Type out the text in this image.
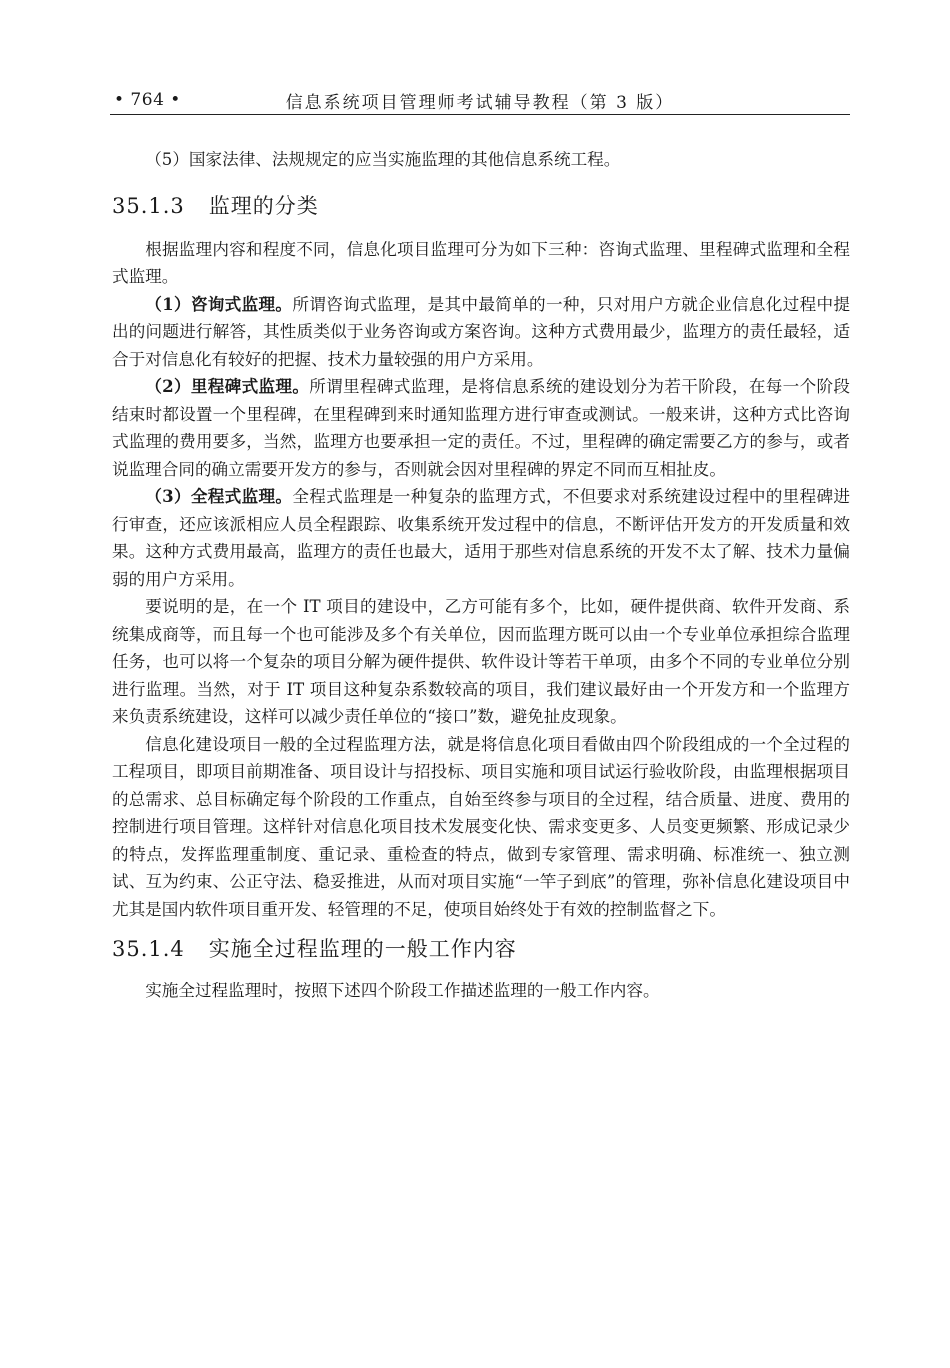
• 764 •	信息系统项目管理师考试辅导教程（第 3 版）

（5）国家法律、法规规定的应当实施监理的其他信息系统工程。

35.1.3 监理的分类

根据监理内容和程度不同，信息化项目监理可分为如下三种：咨询式监理、里程碑式监理和全程式监理。

（1）咨询式监理。所谓咨询式监理，是其中最简单的一种，只对用户方就企业信息化过程中提出的问题进行解答，其性质类似于业务咨询或方案咨询。这种方式费用最少，监理方的责任最轻，适合于对信息化有较好的把握、技术力量较强的用户方采用。

（2）里程碑式监理。所谓里程碑式监理，是将信息系统的建设划分为若干阶段，在每一个阶段结束时都设置一个里程碑，在里程碑到来时通知监理方进行审查或测试。一般来讲，这种方式比咨询式监理的费用要多，当然，监理方也要承担一定的责任。不过，里程碑的确定需要乙方的参与，或者说监理合同的确立需要开发方的参与，否则就会因对里程碑的界定不同而互相扯皮。

（3）全程式监理。全程式监理是一种复杂的监理方式，不但要求对系统建设过程中的里程碑进行审查，还应该派相应人员全程跟踪、收集系统开发过程中的信息，不断评估开发方的开发质量和效果。这种方式费用最高，监理方的责任也最大，适用于那些对信息系统的开发不太了解、技术力量偏弱的用户方采用。

要说明的是，在一个 IT 项目的建设中，乙方可能有多个，比如，硬件提供商、软件开发商、系统集成商等，而且每一个也可能涉及多个有关单位，因而监理方既可以由一个专业单位承担综合监理任务，也可以将一个复杂的项目分解为硬件提供、软件设计等若干单项，由多个不同的专业单位分别进行监理。当然，对于 IT 项目这种复杂系数较高的项目，我们建议最好由一个开发方和一个监理方来负责系统建设，这样可以减少责任单位的“接口”数，避免扯皮现象。

信息化建设项目一般的全过程监理方法，就是将信息化项目看做由四个阶段组成的一个全过程的工程项目，即项目前期准备、项目设计与招投标、项目实施和项目试运行验收阶段，由监理根据项目的总需求、总目标确定每个阶段的工作重点，自始至终参与项目的全过程，结合质量、进度、费用的控制进行项目管理。这样针对信息化项目技术发展变化快、需求变更多、人员变更频繁、形成记录少的特点，发挥监理重制度、重记录、重检查的特点，做到专家管理、需求明确、标准统一、独立测试、互为约束、公正守法、稳妥推进，从而对项目实施“一竿子到底”的管理，弥补信息化建设项目中尤其是国内软件项目重开发、轻管理的不足，使项目始终处于有效的控制监督之下。

35.1.4 实施全过程监理的一般工作内容

实施全过程监理时，按照下述四个阶段工作描述监理的一般工作内容。
